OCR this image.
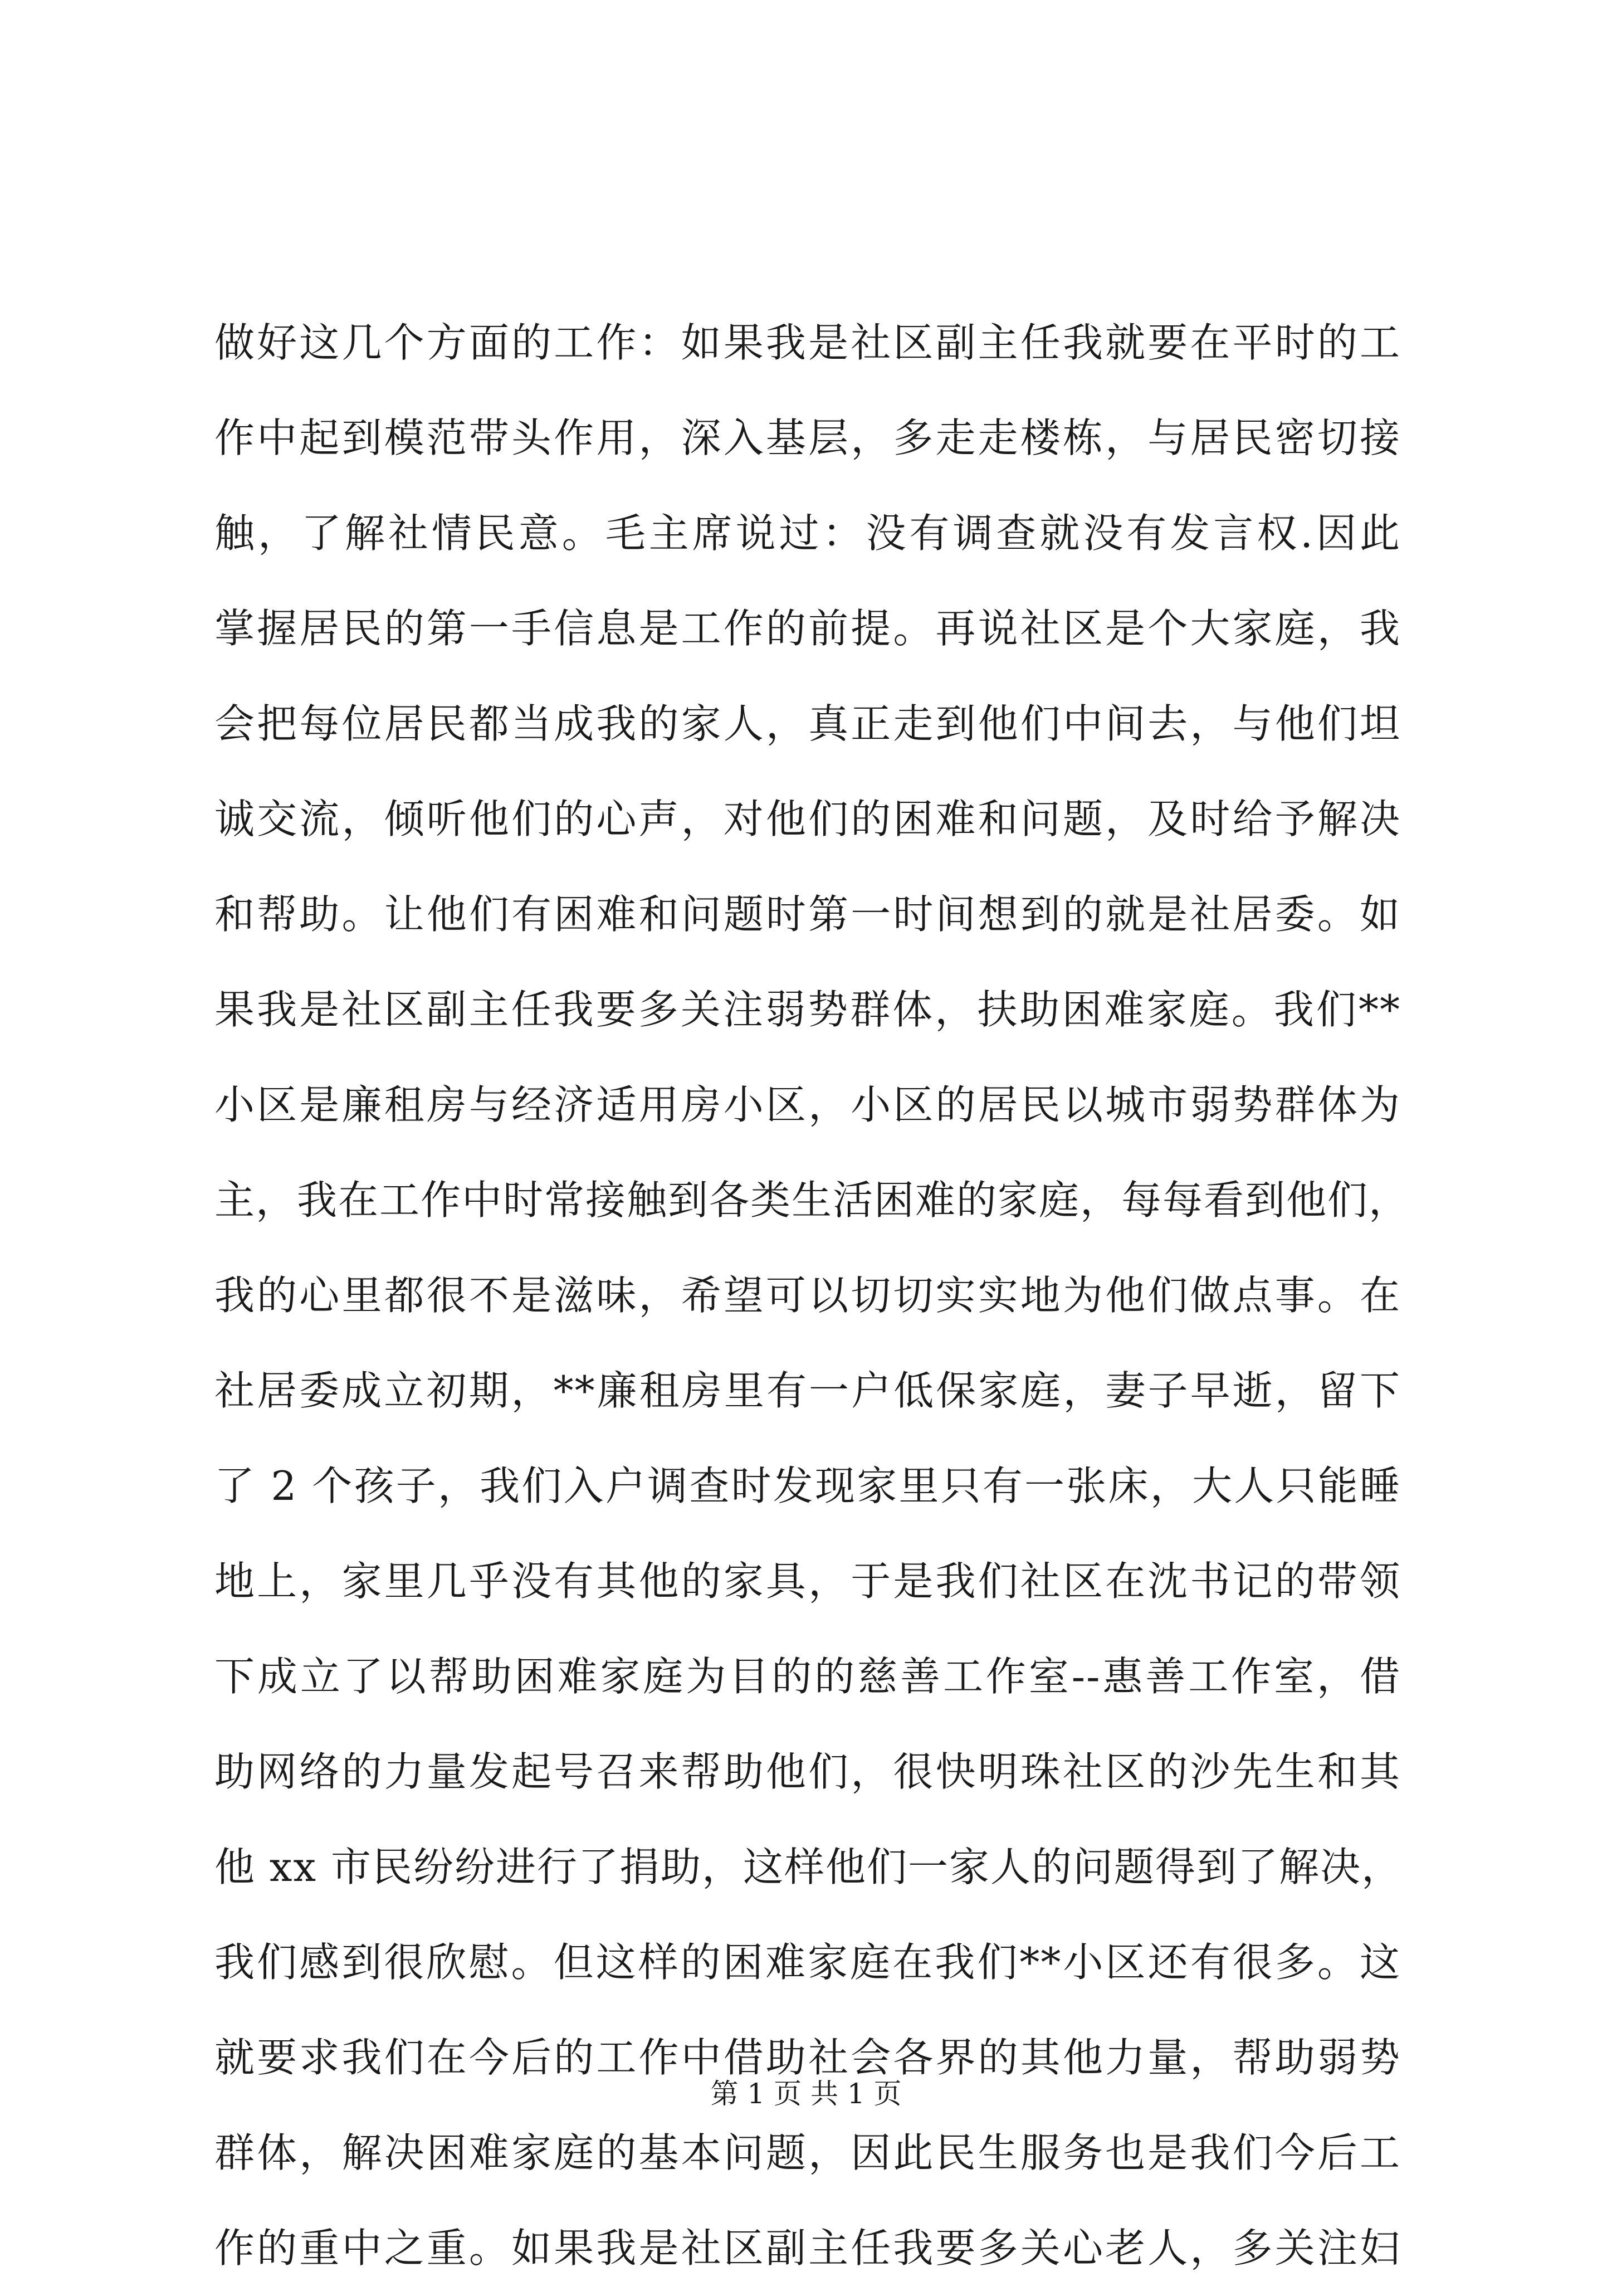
做好这几个方面的工作：如果我是社区副主任我就要在平时的工
作中起到模范带头作用，深入基层，多走走楼栋，与居民密切接
触，了解社情民意。毛主席说过：没有调查就没有发言权.因此
掌握居民的第一手信息是工作的前提。再说社区是个大家庭，我
会把每位居民都当成我的家人，真正走到他们中间去，与他们坦
诚交流，倾听他们的心声，对他们的困难和问题，及时给予解决
和帮助。让他们有困难和问题时第一时间想到的就是社居委。如
果我是社区副主任我要多关注弱势群体，扶助困难家庭。我们**
小区是廉租房与经济适用房小区，小区的居民以城市弱势群体为
主，我在工作中时常接触到各类生活困难的家庭，每每看到他们，
我的心里都很不是滋味，希望可以切切实实地为他们做点事。在
社居委成立初期，**廉租房里有一户低保家庭，妻子早逝，留下
了 2 个孩子，我们入户调查时发现家里只有一张床，大人只能睡
地上，家里几乎没有其他的家具，于是我们社区在沈书记的带领
下成立了以帮助困难家庭为目的的慈善工作室--惠善工作室，借
助网络的力量发起号召来帮助他们，很快明珠社区的沙先生和其
他 xx 市民纷纷进行了捐助，这样他们一家人的问题得到了解决，
我们感到很欣慰。但这样的困难家庭在我们**小区还有很多。这
就要求我们在今后的工作中借助社会各界的其他力量，帮助弱势
群体，解决困难家庭的基本问题，因此民生服务也是我们今后工
作的重中之重。如果我是社区副主任我要多关心老人，多关注妇
第 1 页 共 1 页
